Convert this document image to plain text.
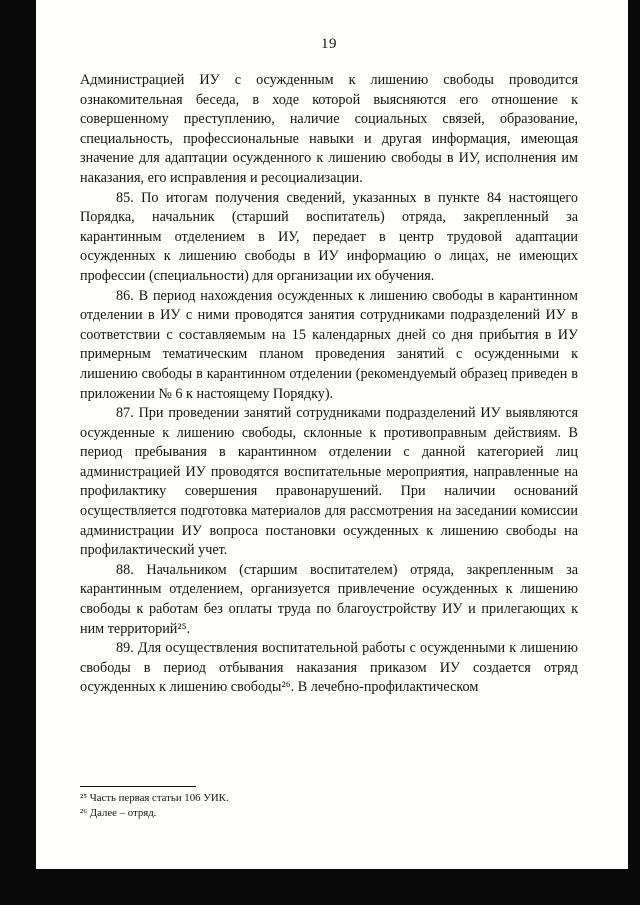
19

Администрацией ИУ с осужденным к лишению свободы проводится ознакомительная беседа, в ходе которой выясняются его отношение к совершенному преступлению, наличие социальных связей, образование, специальность, профессиональные навыки и другая информация, имеющая значение для адаптации осужденного к лишению свободы в ИУ, исполнения им наказания, его исправления и ресоциализации.

85. По итогам получения сведений, указанных в пункте 84 настоящего Порядка, начальник (старший воспитатель) отряда, закрепленный за карантинным отделением в ИУ, передает в центр трудовой адаптации осужденных к лишению свободы в ИУ информацию о лицах, не имеющих профессии (специальности) для организации их обучения.

86. В период нахождения осужденных к лишению свободы в карантинном отделении в ИУ с ними проводятся занятия сотрудниками подразделений ИУ в соответствии с составляемым на 15 календарных дней со дня прибытия в ИУ примерным тематическим планом проведения занятий с осужденными к лишению свободы в карантинном отделении (рекомендуемый образец приведен в приложении № 6 к настоящему Порядку).

87. При проведении занятий сотрудниками подразделений ИУ выявляются осужденные к лишению свободы, склонные к противоправным действиям. В период пребывания в карантинном отделении с данной категорией лиц администрацией ИУ проводятся воспитательные мероприятия, направленные на профилактику совершения правонарушений. При наличии оснований осуществляется подготовка материалов для рассмотрения на заседании комиссии администрации ИУ вопроса постановки осужденных к лишению свободы на профилактический учет.

88. Начальником (старшим воспитателем) отряда, закрепленным за карантинным отделением, организуется привлечение осужденных к лишению свободы к работам без оплаты труда по благоустройству ИУ и прилегающих к ним территорий²⁵.

89. Для осуществления воспитательной работы с осужденными к лишению свободы в период отбывания наказания приказом ИУ создается отряд осужденных к лишению свободы²⁶. В лечебно-профилактическом

²⁵ Часть первая статьи 106 УИК.

²⁶ Далее – отряд.
